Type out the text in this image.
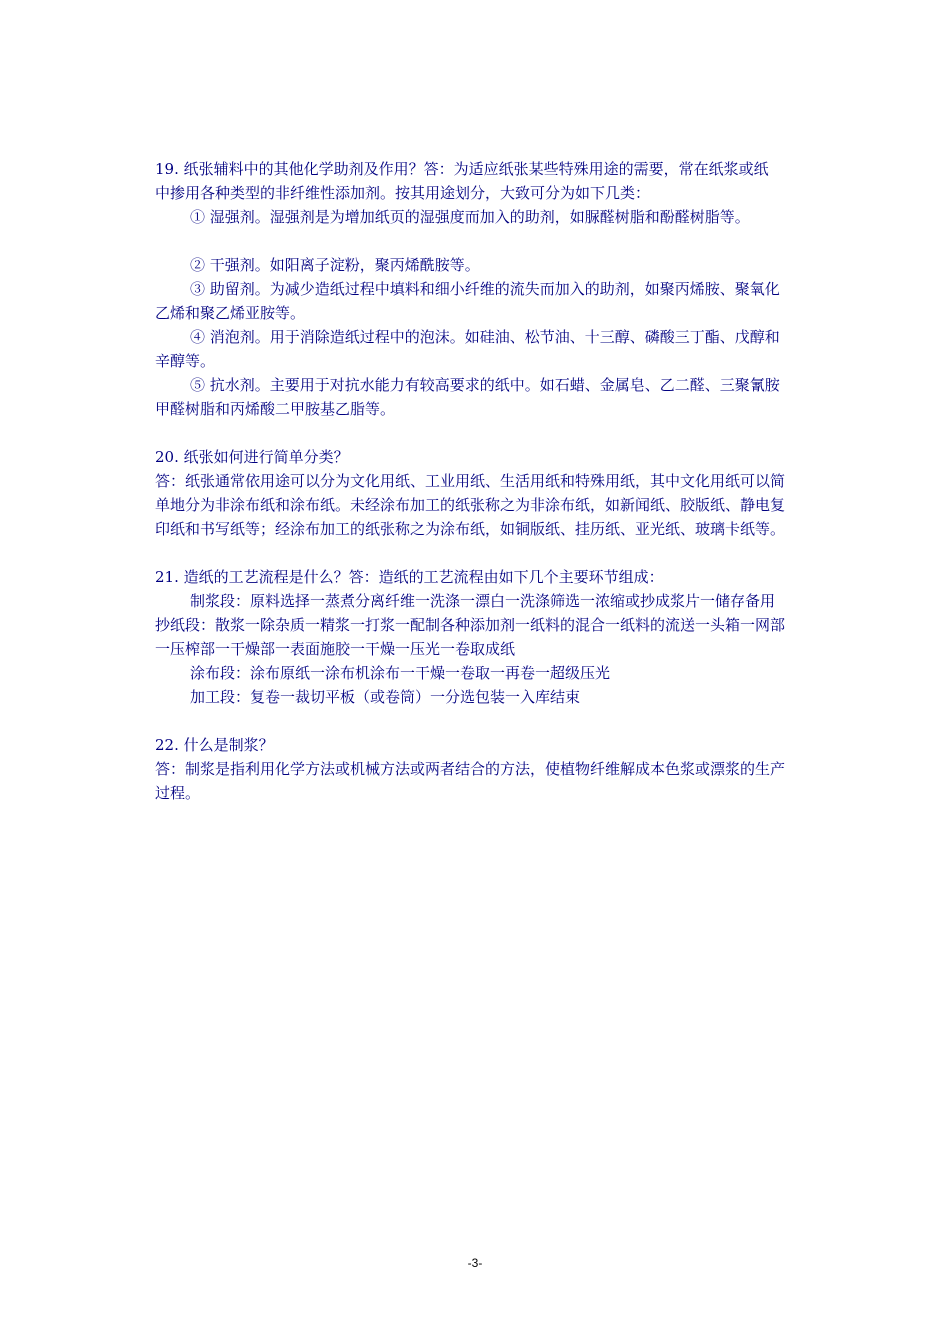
19. 纸张辅料中的其他化学助剂及作用？答：为适应纸张某些特殊用途的需要，常在纸浆或纸

中掺用各种类型的非纤维性添加剂。按其用途划分，大致可分为如下几类：

① 湿强剂。湿强剂是为增加纸页的湿强度而加入的助剂，如脲醛树脂和酚醛树脂等。

② 干强剂。如阳离子淀粉，聚丙烯酰胺等。

③ 助留剂。为减少造纸过程中填料和细小纤维的流失而加入的助剂，如聚丙烯胺、聚氧化

乙烯和聚乙烯亚胺等。

④ 消泡剂。用于消除造纸过程中的泡沫。如硅油、松节油、十三醇、磷酸三丁酯、戊醇和

辛醇等。

⑤ 抗水剂。主要用于对抗水能力有较高要求的纸中。如石蜡、金属皂、乙二醛、三聚氰胺

甲醛树脂和丙烯酸二甲胺基乙脂等。

20. 纸张如何进行简单分类？

答：纸张通常依用途可以分为文化用纸、工业用纸、生活用纸和特殊用纸，其中文化用纸可以简

单地分为非涂布纸和涂布纸。未经涂布加工的纸张称之为非涂布纸，如新闻纸、胶版纸、静电复

印纸和书写纸等；经涂布加工的纸张称之为涂布纸，如铜版纸、挂历纸、亚光纸、玻璃卡纸等。

21. 造纸的工艺流程是什么？答：造纸的工艺流程由如下几个主要环节组成：

制浆段：原料选择一蒸煮分离纤维一洗涤一漂白一洗涤筛选一浓缩或抄成浆片一储存备用

抄纸段：散浆一除杂质一精浆一打浆一配制各种添加剂一纸料的混合一纸料的流送一头箱一网部

一压榨部一干燥部一表面施胶一干燥一压光一卷取成纸

涂布段：涂布原纸一涂布机涂布一干燥一卷取一再卷一超级压光

加工段：复卷一裁切平板（或卷筒）一分选包装一入库结束

22. 什么是制浆？

答：制浆是指利用化学方法或机械方法或两者结合的方法，使植物纤维解成本色浆或漂浆的生产

过程。

-3-
